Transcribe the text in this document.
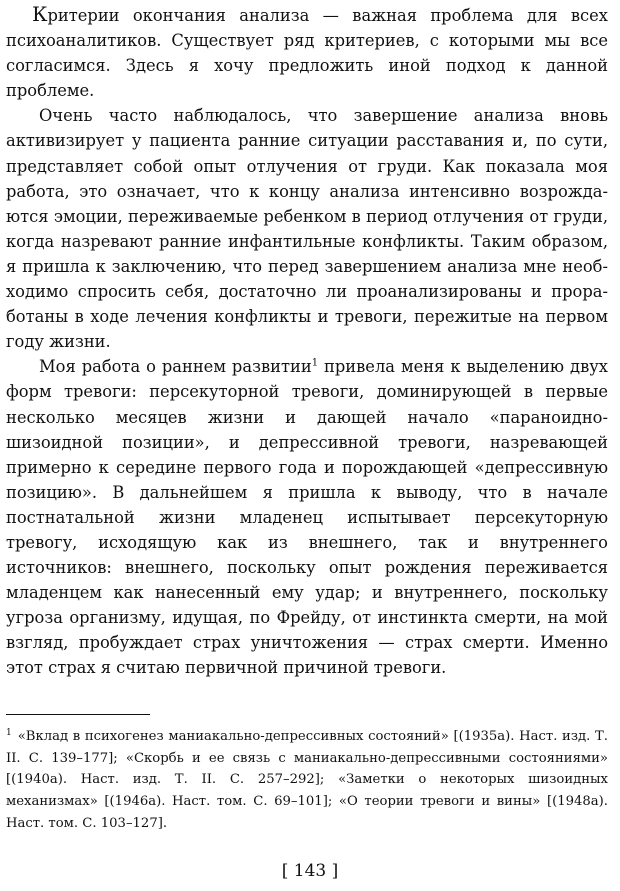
Критерии окончания анализа — важная проблема для всех психоаналитиков. Существует ряд критериев, с которыми мы все согласимся. Здесь я хочу предложить иной подход к данной проблеме.

Очень часто наблюдалось, что завершение анализа вновь активизирует у пациента ранние ситуации расставания и, по сути, представляет собой опыт отлучения от груди. Как показала моя работа, это означает, что к концу анализа интенсивно возрождаются эмоции, переживаемые ребенком в период отлучения от груди, когда назревают ранние инфантильные конфликты. Таким образом, я пришла к заключению, что перед завершением анализа мне необходимо спросить себя, достаточно ли проанализированы и проработаны в ходе лечения конфликты и тревоги, пережитые на первом году жизни.

Моя работа о раннем развитии$^1$ привела меня к выделению двух форм тревоги: персекуторной тревоги, доминирующей в первые несколько месяцев жизни и дающей начало «параноидно-шизоидной позиции», и депрессивной тревоги, назревающей примерно к середине первого года и порождающей «депрессивную позицию». В дальнейшем я пришла к выводу, что в начале постнатальной жизни младенец испытывает персекуторную тревогу, исходящую как из внешнего, так и внутреннего источников: внешнего, поскольку опыт рождения переживается младенцем как нанесенный ему удар; и внутреннего, поскольку угроза организму, идущая, по Фрейду, от инстинкта смерти, на мой взгляд, пробуждает страх уничтожения — страх смерти. Именно этот страх я считаю первичной причиной тревоги.

$^1$ «Вклад в психогенез маниакально-депрессивных состояний» [(1935a). Наст. изд. Т. II. С. 139–177]; «Скорбь и ее связь с маниакально-депрессивными состояниями» [(1940a). Наст. изд. Т. II. С. 257–292]; «Заметки о некоторых шизоидных механизмах» [(1946a). Наст. том. С. 69–101]; «О теории тревоги и вины» [(1948a). Наст. том. С. 103–127].

[ 143 ]
